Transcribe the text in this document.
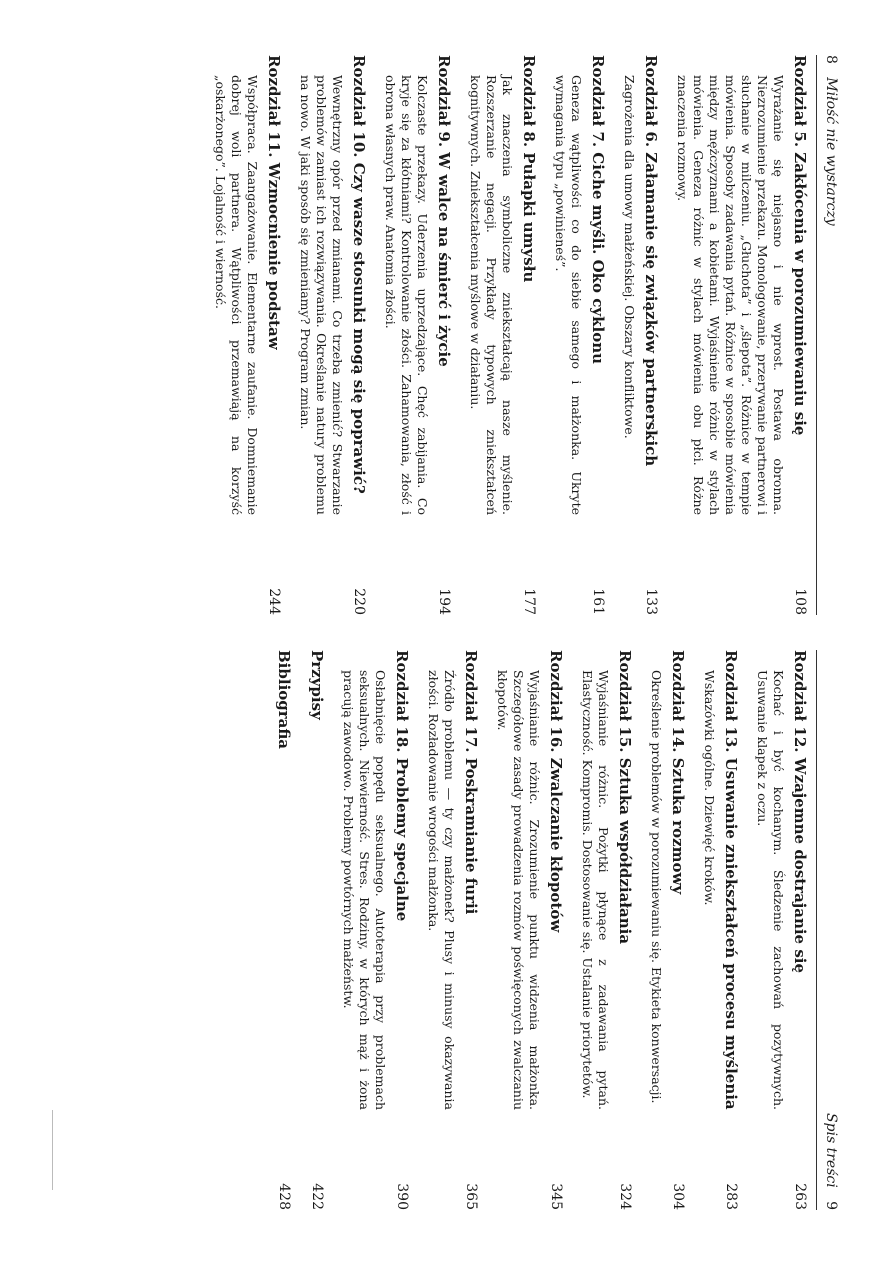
8   Miłość nie wystarczy
Rozdział 5. Zakłócenia w porozumiewaniu się
108
Wyrażanie się niejasno i nie wprost. Postawa obronna. Niezrozumienie przekazu. Monologowanie, przerywanie partnerowi i słuchanie w milczeniu. „Głuchota” i „ślepota”. Różnice w tempie mówienia. Sposoby zadawania pytań. Różnice w sposobie mówienia między mężczyznami a kobietami. Wyjaśnienie różnic w stylach mówienia. Geneza różnic w stylach mówienia obu płci. Różne znaczenia rozmowy.
Rozdział 6. Załamanie się związków partnerskich
133
Zagrożenia dla umowy małżeńskiej. Obszary konfliktowe.
Rozdział 7. Ciche myśli. Oko cyklonu
161
Geneza wątpliwości co do siebie samego i małżonka. Ukryte wymagania typu „powinieneś”.
Rozdział 8. Pułapki umysłu
177
Jak znaczenia symboliczne zniekształcają nasze myślenie. Rozszerzanie negacji. Przykłady typowych zniekształceń kognitywnych. Zniekształcenia myślowe w działaniu.
Rozdział 9. W walce na śmierć i życie
194
Kolczaste przekazy. Uderzenia uprzedzające. Chęć zabijania. Co kryje się za kłótniami? Kontrolowanie złości. Zahamowania, złość i obrona własnych praw. Anatomia złości.
Rozdział 10. Czy wasze stosunki mogą się poprawić?
220
Wewnętrzny opór przed zmianami. Co trzeba zmienić? Stwarzanie problemów zamiast ich rozwiązywania. Określanie natury problemu na nowo. W jaki sposób się zmieniamy? Program zmian.
Rozdział 11. Wzmocnienie podstaw
244
Współpraca. Zaangażowanie. Elementarne zaufanie. Domniemanie dobrej woli partnera. Wątpliwości przemawiają na korzyść „oskarżonego”. Lojalność i wierność.
Spis treści   9
Rozdział 12. Wzajemne dostrajanie się
263
Kochać i być kochanym. Śledzenie zachowań pozytywnych. Usuwanie klapek z oczu.
Rozdział 13. Usuwanie zniekształceń procesu myślenia
283
Wskazówki ogólne. Dziewięć kroków.
Rozdział 14. Sztuka rozmowy
304
Określenie problemów w porozumiewaniu się. Etykieta konwersacji.
Rozdział 15. Sztuka współdziałania
324
Wyjaśnianie różnic. Pożytki płynące z zadawania pytań. Elastyczność. Kompromis. Dostosowanie się. Ustalanie priorytetów.
Rozdział 16. Zwalczanie kłopotów
345
Wyjaśnianie różnic. Zrozumienie punktu widzenia małżonka. Szczegółowe zasady prowadzenia rozmów poświęconych zwalczaniu kłopotów.
Rozdział 17. Poskramianie furii
365
Źródło problemu — ty czy małżonek? Plusy i minusy okazywania złości. Rozładowanie wrogości małżonka.
Rozdział 18. Problemy specjalne
390
Osłabnięcie popędu seksualnego. Autoterapia przy problemach seksualnych. Niewierność. Stres. Rodziny, w których mąż i żona pracują zawodowo. Problemy powtórnych małżeństw.
Przypisy
422
Bibliografia
428
